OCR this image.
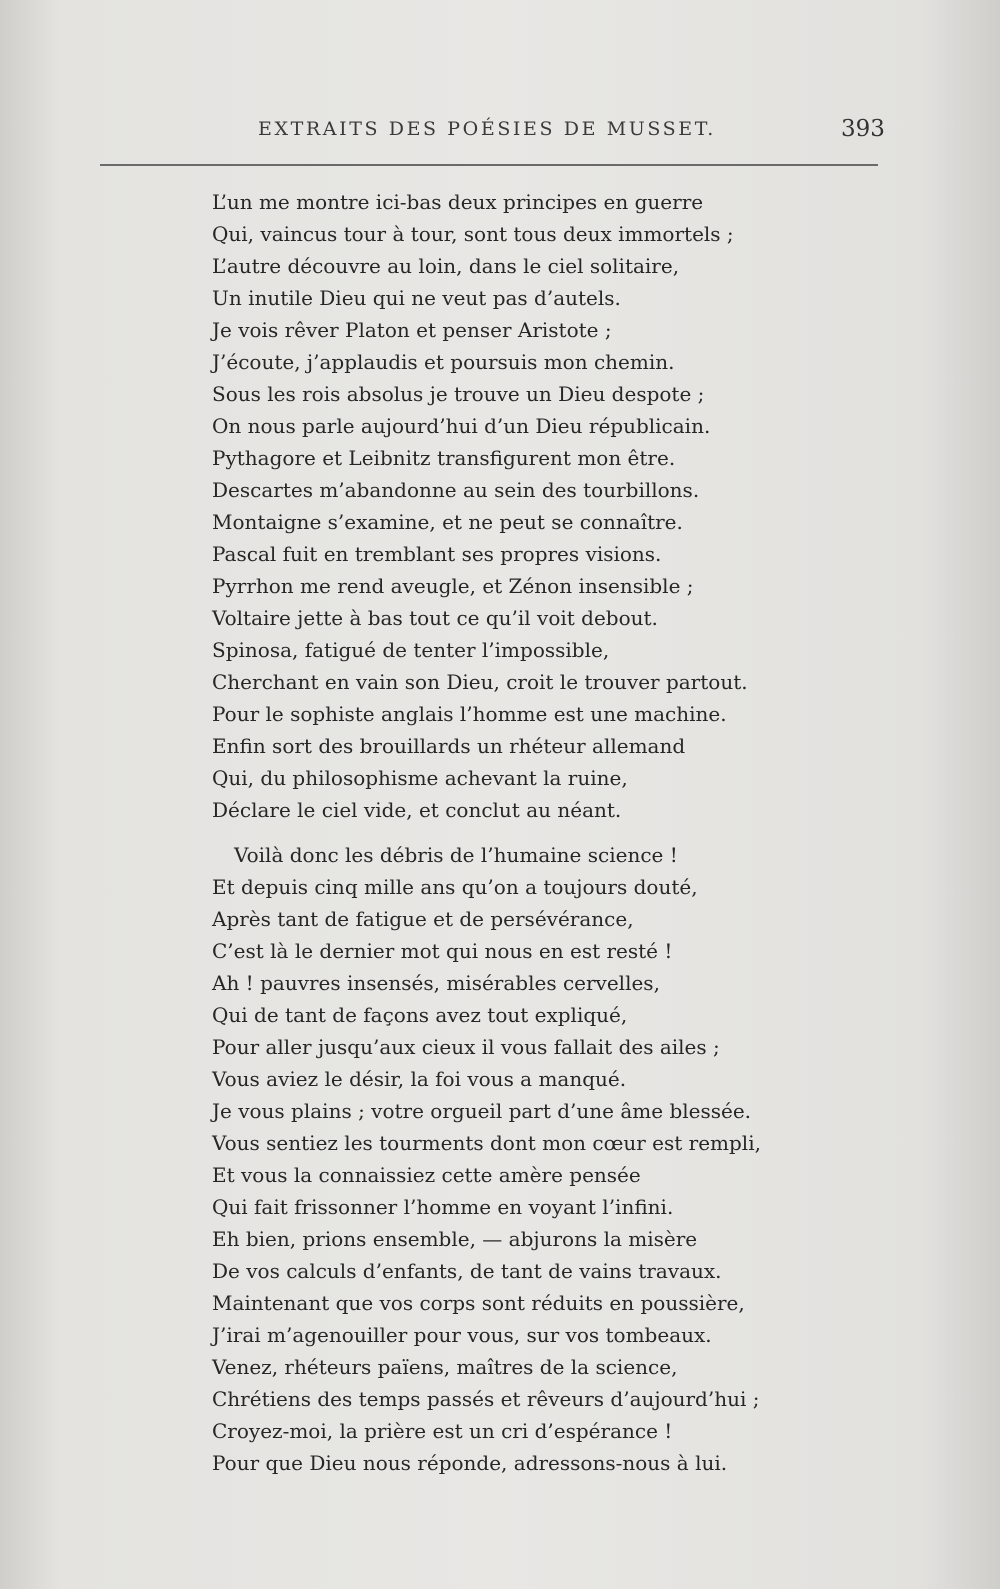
EXTRAITS DES POÉSIES DE MUSSET.	393
L’un me montre ici-bas deux principes en guerre
Qui, vaincus tour à tour, sont tous deux immortels ;
L’autre découvre au loin, dans le ciel solitaire,
Un inutile Dieu qui ne veut pas d’autels.
Je vois rêver Platon et penser Aristote ;
J’écoute, j’applaudis et poursuis mon chemin.
Sous les rois absolus je trouve un Dieu despote ;
On nous parle aujourd’hui d’un Dieu républicain.
Pythagore et Leibnitz transfigurent mon être.
Descartes m’abandonne au sein des tourbillons.
Montaigne s’examine, et ne peut se connaître.
Pascal fuit en tremblant ses propres visions.
Pyrrhon me rend aveugle, et Zénon insensible ;
Voltaire jette à bas tout ce qu’il voit debout.
Spinosa, fatigué de tenter l’impossible,
Cherchant en vain son Dieu, croit le trouver partout.
Pour le sophiste anglais l’homme est une machine.
Enfin sort des brouillards un rhéteur allemand
Qui, du philosophisme achevant la ruine,
Déclare le ciel vide, et conclut au néant.
Voilà donc les débris de l’humaine science !
Et depuis cinq mille ans qu’on a toujours douté,
Après tant de fatigue et de persévérance,
C’est là le dernier mot qui nous en est resté !
Ah ! pauvres insensés, misérables cervelles,
Qui de tant de façons avez tout expliqué,
Pour aller jusqu’aux cieux il vous fallait des ailes ;
Vous aviez le désir, la foi vous a manqué.
Je vous plains ; votre orgueil part d’une âme blessée.
Vous sentiez les tourments dont mon cœur est rempli,
Et vous la connaissiez cette amère pensée
Qui fait frissonner l’homme en voyant l’infini.
Eh bien, prions ensemble, — abjurons la misère
De vos calculs d’enfants, de tant de vains travaux.
Maintenant que vos corps sont réduits en poussière,
J’irai m’agenouiller pour vous, sur vos tombeaux.
Venez, rhéteurs païens, maîtres de la science,
Chrétiens des temps passés et rêveurs d’aujourd’hui ;
Croyez-moi, la prière est un cri d’espérance !
Pour que Dieu nous réponde, adressons-nous à lui.
